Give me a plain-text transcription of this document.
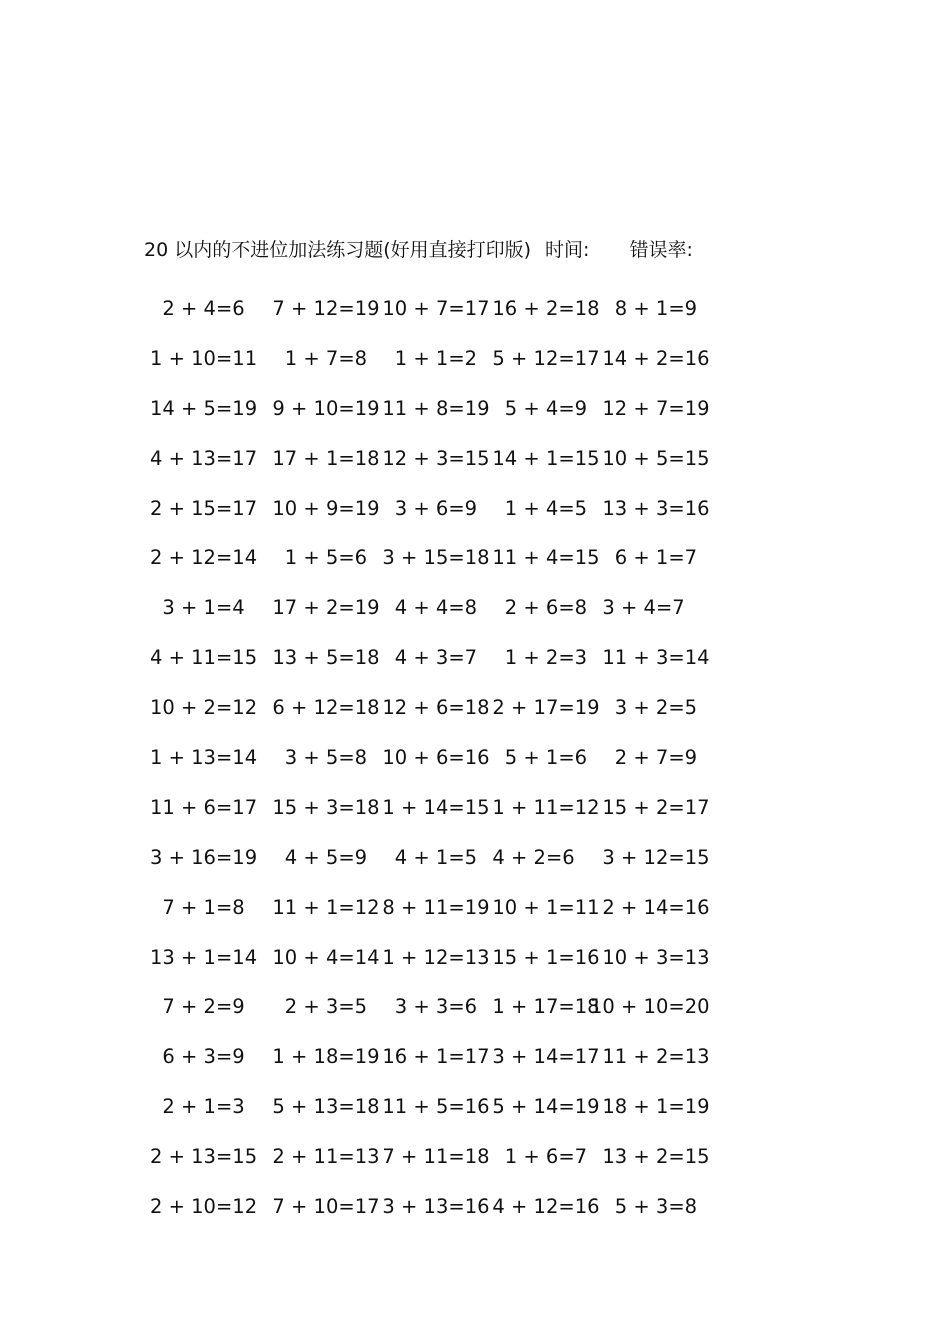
20 以内的不进位加法练习题(好用直接打印版) 时间: 错误率:
2 + 4=6 7 + 12=19
10 + 7=17
16 + 2=18
8 + 1=9
1 + 10=11 1 + 7=8 1 + 1=2 5 + 12=17
14 + 2=16
14 + 5=19 9 + 10=19
11 + 8=19
5 + 4=9 12 + 7=19
4 + 13=17 17 + 1=18
12 + 3=15
14 + 1=15
10 + 5=15
2 + 15=17 10 + 9=19
3 + 6=9 1 + 4=5 13 + 3=16
2 + 12=14 1 + 5=6 3 + 15=18
11 + 4=15
6 + 1=7
3 + 1=4 17 + 2=19
4 + 4=8 2 + 6=8 3 + 4=7
4 + 11=15 13 + 5=18
4 + 3=7 1 + 2=3 11 + 3=14
10 + 2=12 6 + 12=18
12 + 6=18
2 + 17=19
3 + 2=5
1 + 13=14 3 + 5=8 10 + 6=16
5 + 1=6 2 + 7=9
11 + 6=17 15 + 3=18
1 + 14=15
1 + 11=12
15 + 2=17
3 + 16=19 4 + 5=9 4 + 1=5 4 + 2=6 3 + 12=15
7 + 1=8 11 + 1=12
8 + 11=19
10 + 1=11
2 + 14=16
13 + 1=14 10 + 4=14
1 + 12=13
15 + 1=16
10 + 3=13
7 + 2=9 2 + 3=5 3 + 3=6 1 + 17=18
10 + 10=20
6 + 3=9 1 + 18=19
16 + 1=17
3 + 14=17
11 + 2=13
2 + 1=3 5 + 13=18
11 + 5=16
5 + 14=19
18 + 1=19
2 + 13=15 2 + 11=13
7 + 11=18
1 + 6=7 13 + 2=15
2 + 10=12 7 + 10=17
3 + 13=16
4 + 12=16
5 + 3=8
